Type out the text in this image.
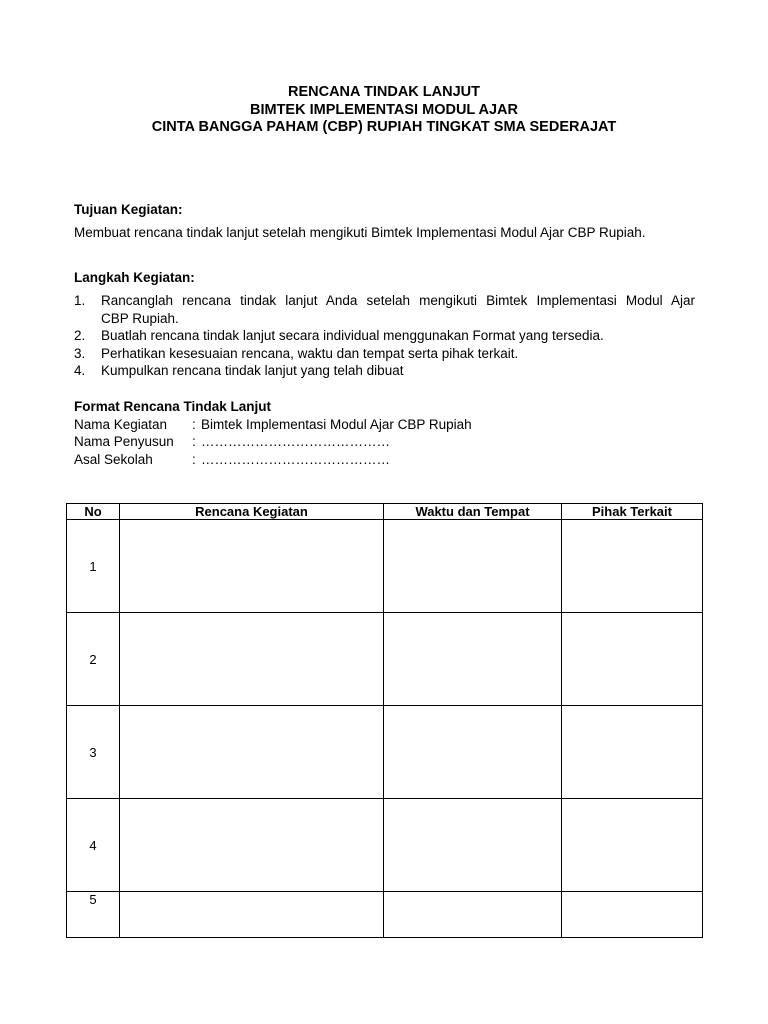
RENCANA TINDAK LANJUT
BIMTEK IMPLEMENTASI MODUL AJAR
CINTA BANGGA PAHAM (CBP) RUPIAH TINGKAT SMA SEDERAJAT
Tujuan Kegiatan:
Membuat rencana tindak lanjut setelah mengikuti Bimtek Implementasi Modul Ajar CBP Rupiah.
Langkah Kegiatan:
1.	Rancanglah rencana tindak lanjut Anda setelah mengikuti Bimtek Implementasi Modul Ajar
CBP Rupiah.
2.	Buatlah rencana tindak lanjut secara individual menggunakan Format yang tersedia.
3.	Perhatikan kesesuaian rencana, waktu dan tempat serta pihak terkait.
4.	Kumpulkan rencana tindak lanjut yang telah dibuat
Format Rencana Tindak Lanjut
Nama Kegiatan	: Bimtek Implementasi Modul Ajar CBP Rupiah
Nama Penyusun	: ……………………………………
Asal Sekolah	: ……………………………………
No	Rencana Kegiatan	Waktu dan Tempat	Pihak Terkait
1			
2			
3			
4			
5			
